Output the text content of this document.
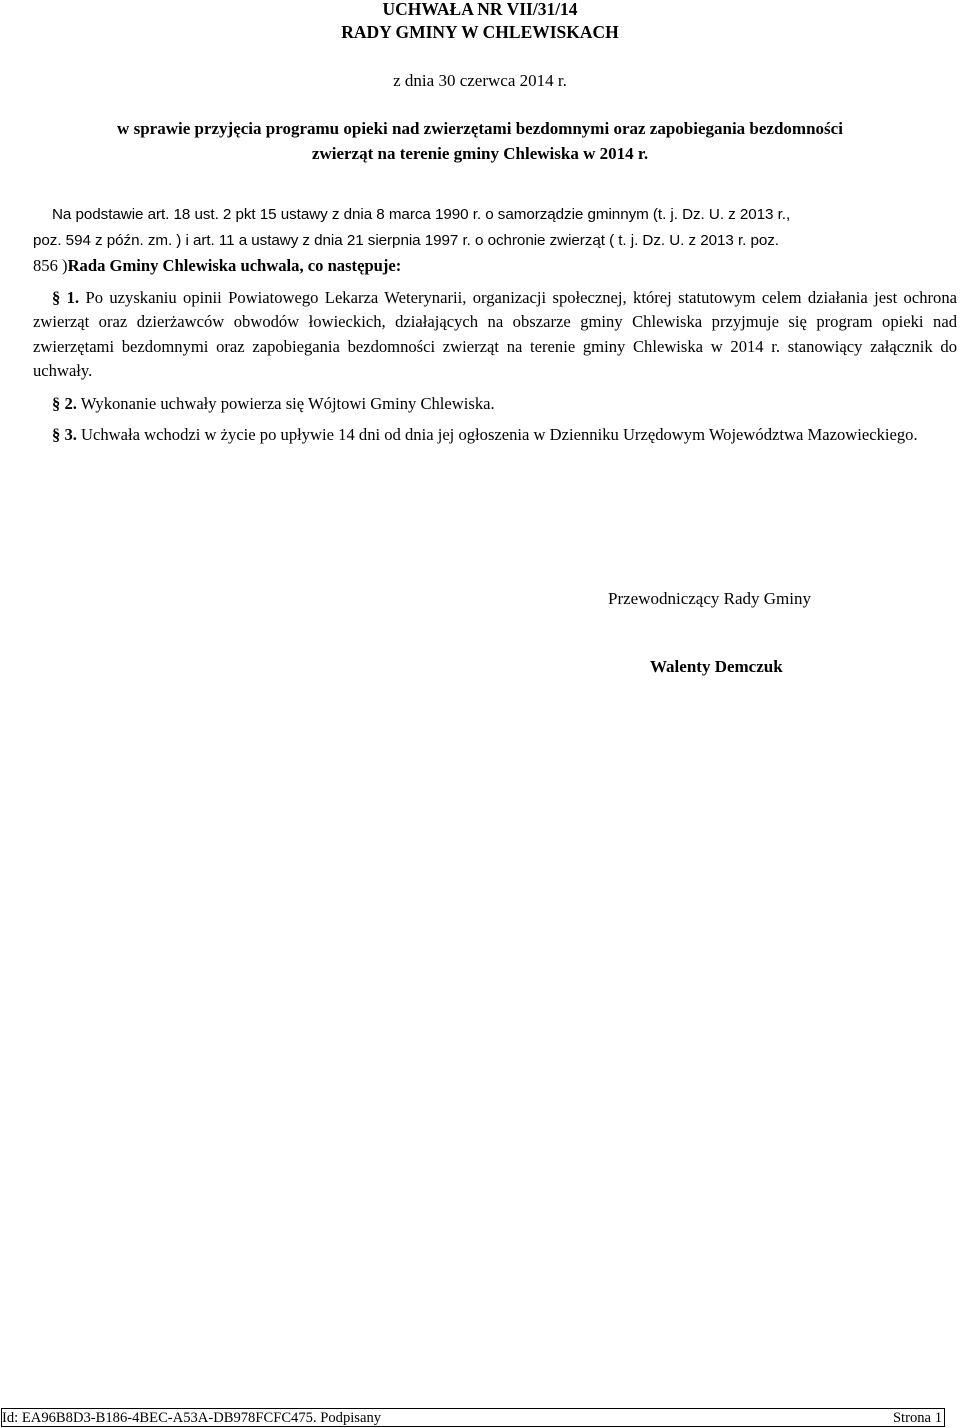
UCHWAŁA NR VII/31/14
RADY GMINY W CHLEWISKACH
z dnia 30 czerwca 2014 r.
w sprawie przyjęcia programu opieki nad zwierzętami bezdomnymi oraz zapobiegania bezdomności
zwierząt na terenie gminy Chlewiska w 2014 r.
Na podstawie art. 18 ust. 2 pkt 15 ustawy z dnia 8 marca 1990 r. o samorządzie gminnym (t. j. Dz. U. z 2013 r.,
poz. 594 z późn. zm. ) i art. 11 a ustawy z dnia 21 sierpnia 1997 r. o ochronie zwierząt ( t. j. Dz. U. z 2013 r. poz.
856 )Rada Gminy Chlewiska uchwala, co następuje:
§ 1. Po uzyskaniu opinii Powiatowego Lekarza Weterynarii, organizacji społecznej, której statutowym celem działania jest ochrona zwierząt oraz dzierżawców obwodów łowieckich, działających na obszarze gminy Chlewiska przyjmuje się program opieki nad zwierzętami bezdomnymi oraz zapobiegania bezdomności zwierząt na terenie gminy Chlewiska w 2014 r. stanowiący załącznik do uchwały.
§ 2. Wykonanie uchwały powierza się Wójtowi Gminy Chlewiska.
§ 3. Uchwała wchodzi w życie po upływie 14 dni od dnia jej ogłoszenia w Dzienniku Urzędowym Województwa Mazowieckiego.
Przewodniczący Rady Gminy
Walenty Demczuk
Id: EA96B8D3-B186-4BEC-A53A-DB978FCFC475. Podpisany	Strona 1
